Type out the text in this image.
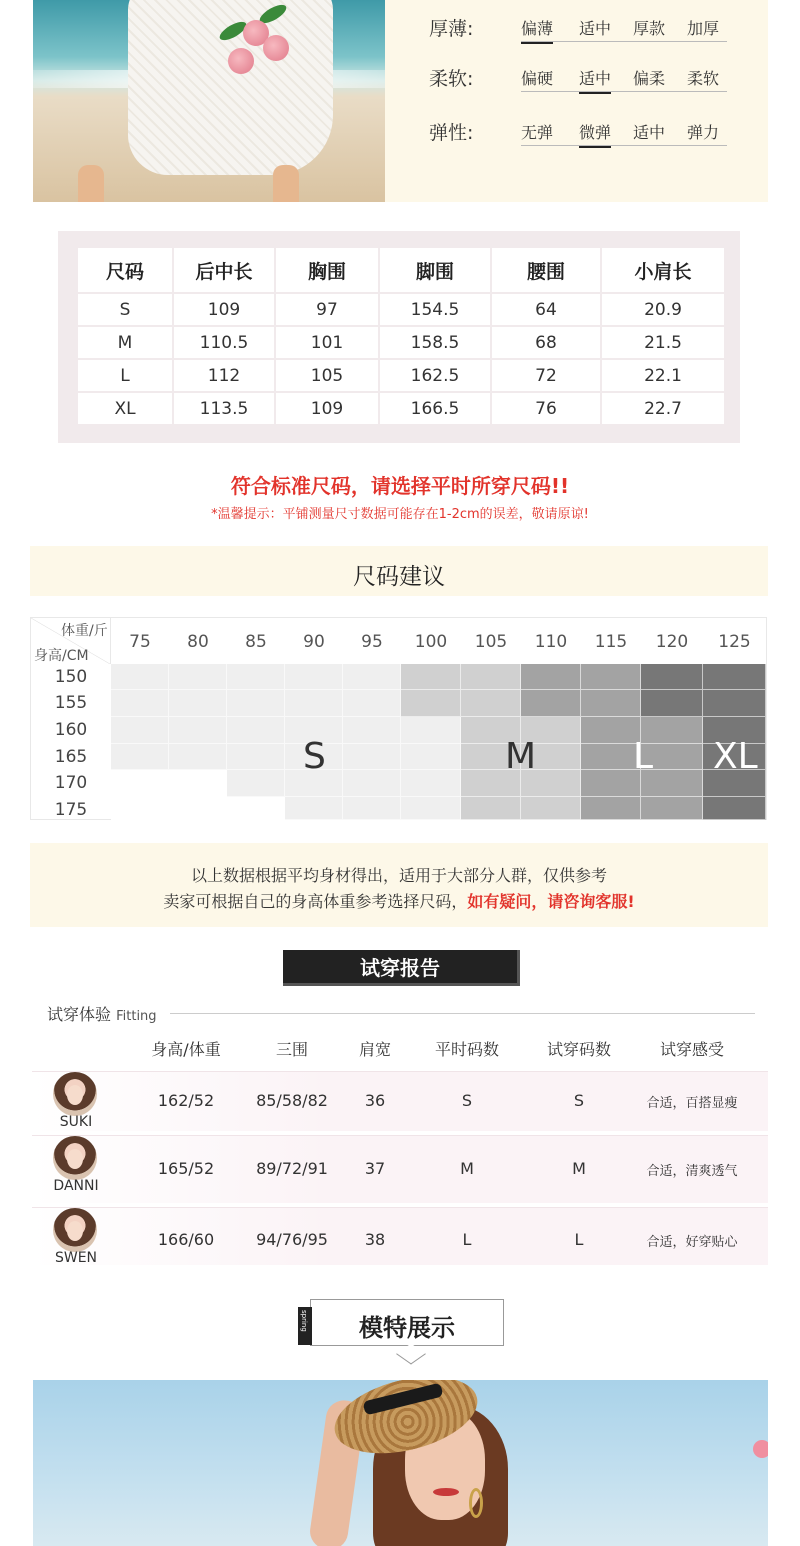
厚薄:	偏薄 适中 厚款 加厚
柔软:	偏硬 适中 偏柔 柔软
弹性:	无弹 微弹 适中 弹力
尺码	后中长	胸围	脚围	腰围	小肩长
S	109	97	154.5	64	20.9
M	110.5	101	158.5	68	21.5
L	112	105	162.5	72	22.1
XL	113.5	109	166.5	76	22.7
符合标准尺码，请选择平时所穿尺码!!
*温馨提示：平铺测量尺寸数据可能存在1-2cm的误差，敬请原谅!
尺码建议
体重/斤
身高/CM
75	80	85	90	95	100	105	110	115	120	125
150
155
160
165
170
175
S	M	L XL
以上数据根据平均身材得出，适用于大部分人群，仅供参考
卖家可根据自己的身高体重参考选择尺码，如有疑问，请咨询客服!
试穿报告
试穿体验 Fitting
身高/体重	三围	肩宽	平时码数	试穿码数	试穿感受
SUKI
162/52	85/58/82	36	S	S	合适，百搭显瘦
DANNI
165/52	89/72/91	37	M	M	合适，清爽透气
SWEN
166/60	94/76/95	38	L	L	合适，好穿贴心
spring	模特展示
